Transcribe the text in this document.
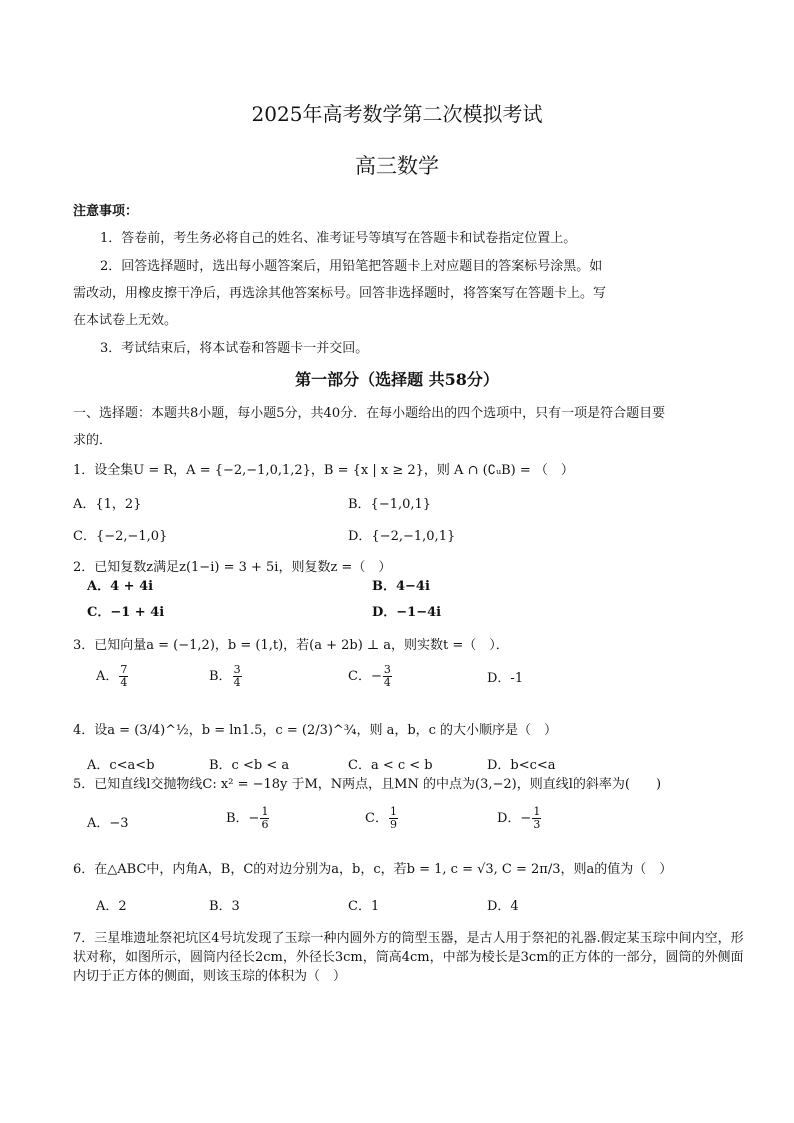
2025年高考数学第二次模拟考试
高三数学
注意事项：
1．答卷前，考生务必将自己的姓名、准考证号等填写在答题卡和试卷指定位置上。
2．回答选择题时，选出每小题答案后，用铅笔把答题卡上对应题目的答案标号涂黑。如
需改动，用橡皮擦干净后，再选涂其他答案标号。回答非选择题时，将答案写在答题卡上。写
在本试卷上无效。
3．考试结束后，将本试卷和答题卡一并交回。
第一部分（选择题 共58分）
一、选择题：本题共8小题，每小题5分，共40分．在每小题给出的四个选项中，只有一项是符合题目要
求的．
1．设全集U = R，A = {−2,−1,0,1,2}，B = {x | x ≥ 2}，则 A ∩ (∁ᵤB) = （　）
A．{1，2}	B．{−1,0,1}
C．{−2,−1,0}	D．{−2,−1,0,1}
2．已知复数z满足z(1−i) = 3 + 5i，则复数z =（　）
A．4 + 4i	B．4−4i
C．−1 + 4i	D．−1−4i
3．已知向量a = (−1,2)，b = (1,t)，若(a + 2b) ⊥ a，则实数t =（　）．
A． $\frac{7}{4}$	B． $\frac{3}{4}$	C．− $\frac{3}{4}$	D．-1
4．设a = (3/4)^½，b = ln1.5，c = (2/3)^¾，则 a，b，c 的大小顺序是（　）
A．c<a<b	B．c <b < a	C．a < c < b	D．b<c<a
5．已知直线l交抛物线C: x² = −18y 于M，N两点，且MN 的中点为(3,−2)，则直线l的斜率为(　　)
A．−3	B．− $\frac{1}{6}$	C． $\frac{1}{9}$	D．− $\frac{1}{3}$
6．在△ABC中，内角A，B，C的对边分别为a，b，c，若b = 1, c = √3, C = 2π/3，则a的值为（　）
A．2	B．3	C．1	D．4
7．三星堆遗址祭祀坑区4号坑发现了玉琮一种内圆外方的筒型玉器，是古人用于祭祀的礼器.假定某玉琮中间内空，形状对称，如图所示，圆筒内径长2cm，外径长3cm，筒高4cm，中部为棱长是3cm的正方体的一部分，圆筒的外侧面内切于正方体的侧面，则该玉琮的体积为（　）
